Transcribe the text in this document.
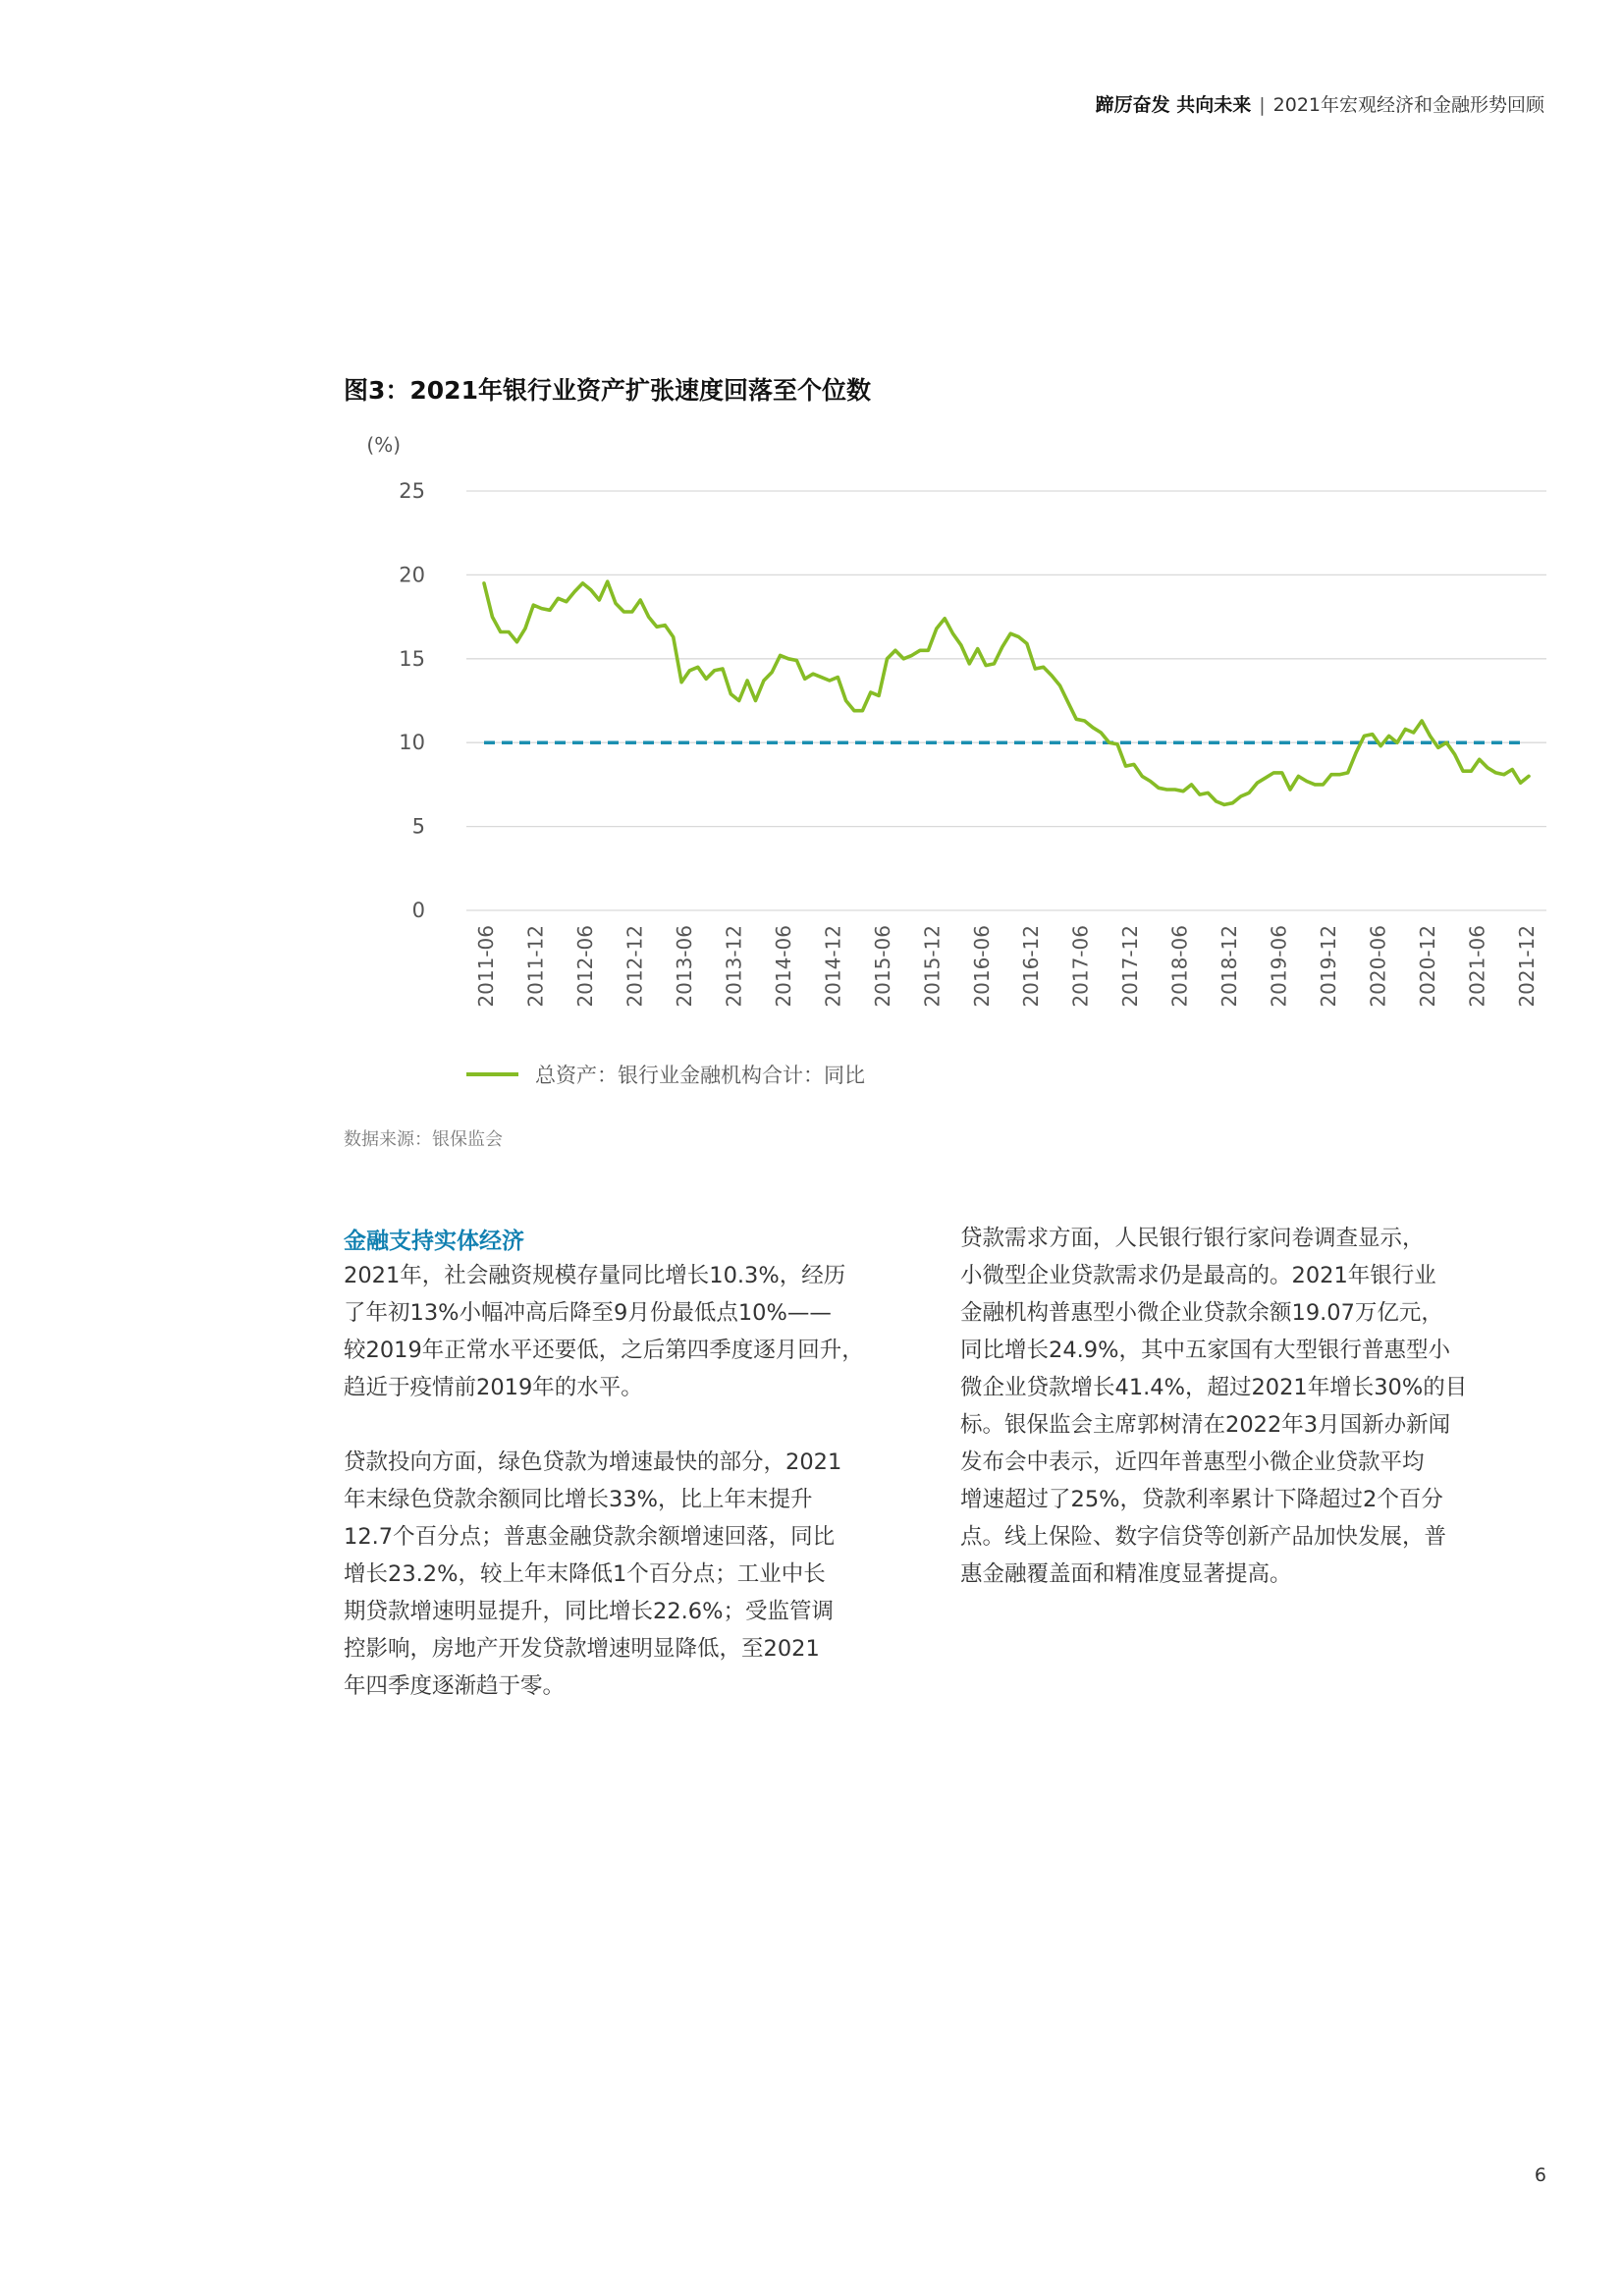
蹄厉奋发 共向未来 | 2021年宏观经济和金融形势回顾
图3：2021年银行业资产扩张速度回落至个位数
(%)
0
5
10
15
20
25
2011-06 2011-12 2012-06 2012-12 2013-06 2013-12 2014-06 2014-12 2015-06 2015-12 2016-06 2016-12 2017-06 2017-12 2018-06 2018-12 2019-06 2019-12 2020-06 2020-12 2021-06 2021-12
总资产：银行业金融机构合计：同比
数据来源：银保监会
金融支持实体经济

2021年，社会融资规模存量同比增长10.3%，经历
了年初13%小幅冲高后降至9月份最低点10%——
较2019年正常水平还要低，之后第四季度逐月回升，
趋近于疫情前2019年的水平。

贷款投向方面，绿色贷款为增速最快的部分，2021
年末绿色贷款余额同比增长33%，比上年末提升
12.7个百分点；普惠金融贷款余额增速回落，同比
增长23.2%，较上年末降低1个百分点；工业中长
期贷款增速明显提升，同比增长22.6%；受监管调
控影响，房地产开发贷款增速明显降低，至2021
年四季度逐渐趋于零。

贷款需求方面，人民银行银行家问卷调查显示，
小微型企业贷款需求仍是最高的。2021年银行业
金融机构普惠型小微企业贷款余额19.07万亿元，
同比增长24.9%，其中五家国有大型银行普惠型小
微企业贷款增长41.4%，超过2021年增长30%的目
标。银保监会主席郭树清在2022年3月国新办新闻
发布会中表示，近四年普惠型小微企业贷款平均
增速超过了25%，贷款利率累计下降超过2个百分
点。线上保险、数字信贷等创新产品加快发展，普
惠金融覆盖面和精准度显著提高。

6
